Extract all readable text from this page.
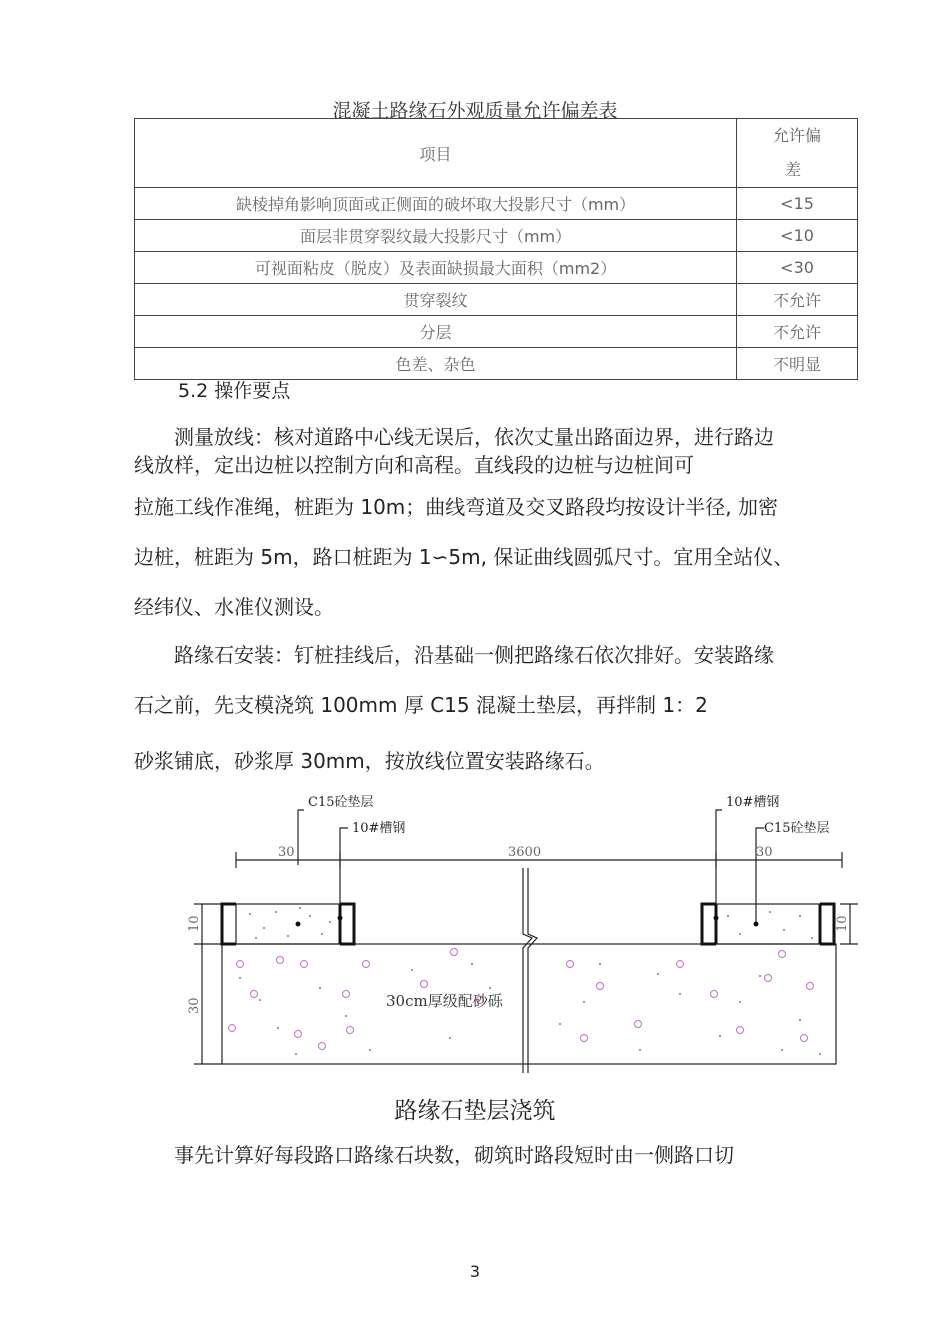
混凝土路缘石外观质量允许偏差表
项目	允许偏
差

缺棱掉角影响顶面或正侧面的破坏取大投影尺寸（mm）	<15
面层非贯穿裂纹最大投影尺寸（mm）	<10
可视面粘皮（脱皮）及表面缺损最大面积（mm2）	<30
贯穿裂纹	不允许
分层	不允许
色差、杂色	不明显
5.2 操作要点

　　测量放线：核对道路中心线无误后，依次丈量出路面边界，进行路边

线放样，定出边桩以控制方向和高程。直线段的边桩与边桩间可

拉施工线作准绳，桩距为 10m；曲线弯道及交叉路段均按设计半径, 加密

边桩，桩距为 5m，路口桩距为 1∽5m, 保证曲线圆弧尺寸。宜用全站仪、

经纬仪、水准仪测设。

　　路缘石安装：钉桩挂线后，沿基础一侧把路缘石依次排好。安装路缘

石之前，先支模浇筑 100mm 厚 C15 混凝土垫层，再拌制 1：2

砂浆铺底，砂浆厚 30mm，按放线位置安装路缘石。

C15砼垫层
10#槽钢
10#槽钢
C15砼垫层
30	3600	30
10	10
30	30cm厚级配砂砾
路缘石垫层浇筑

　　事先计算好每段路口路缘石块数，砌筑时路段短时由一侧路口切

3
